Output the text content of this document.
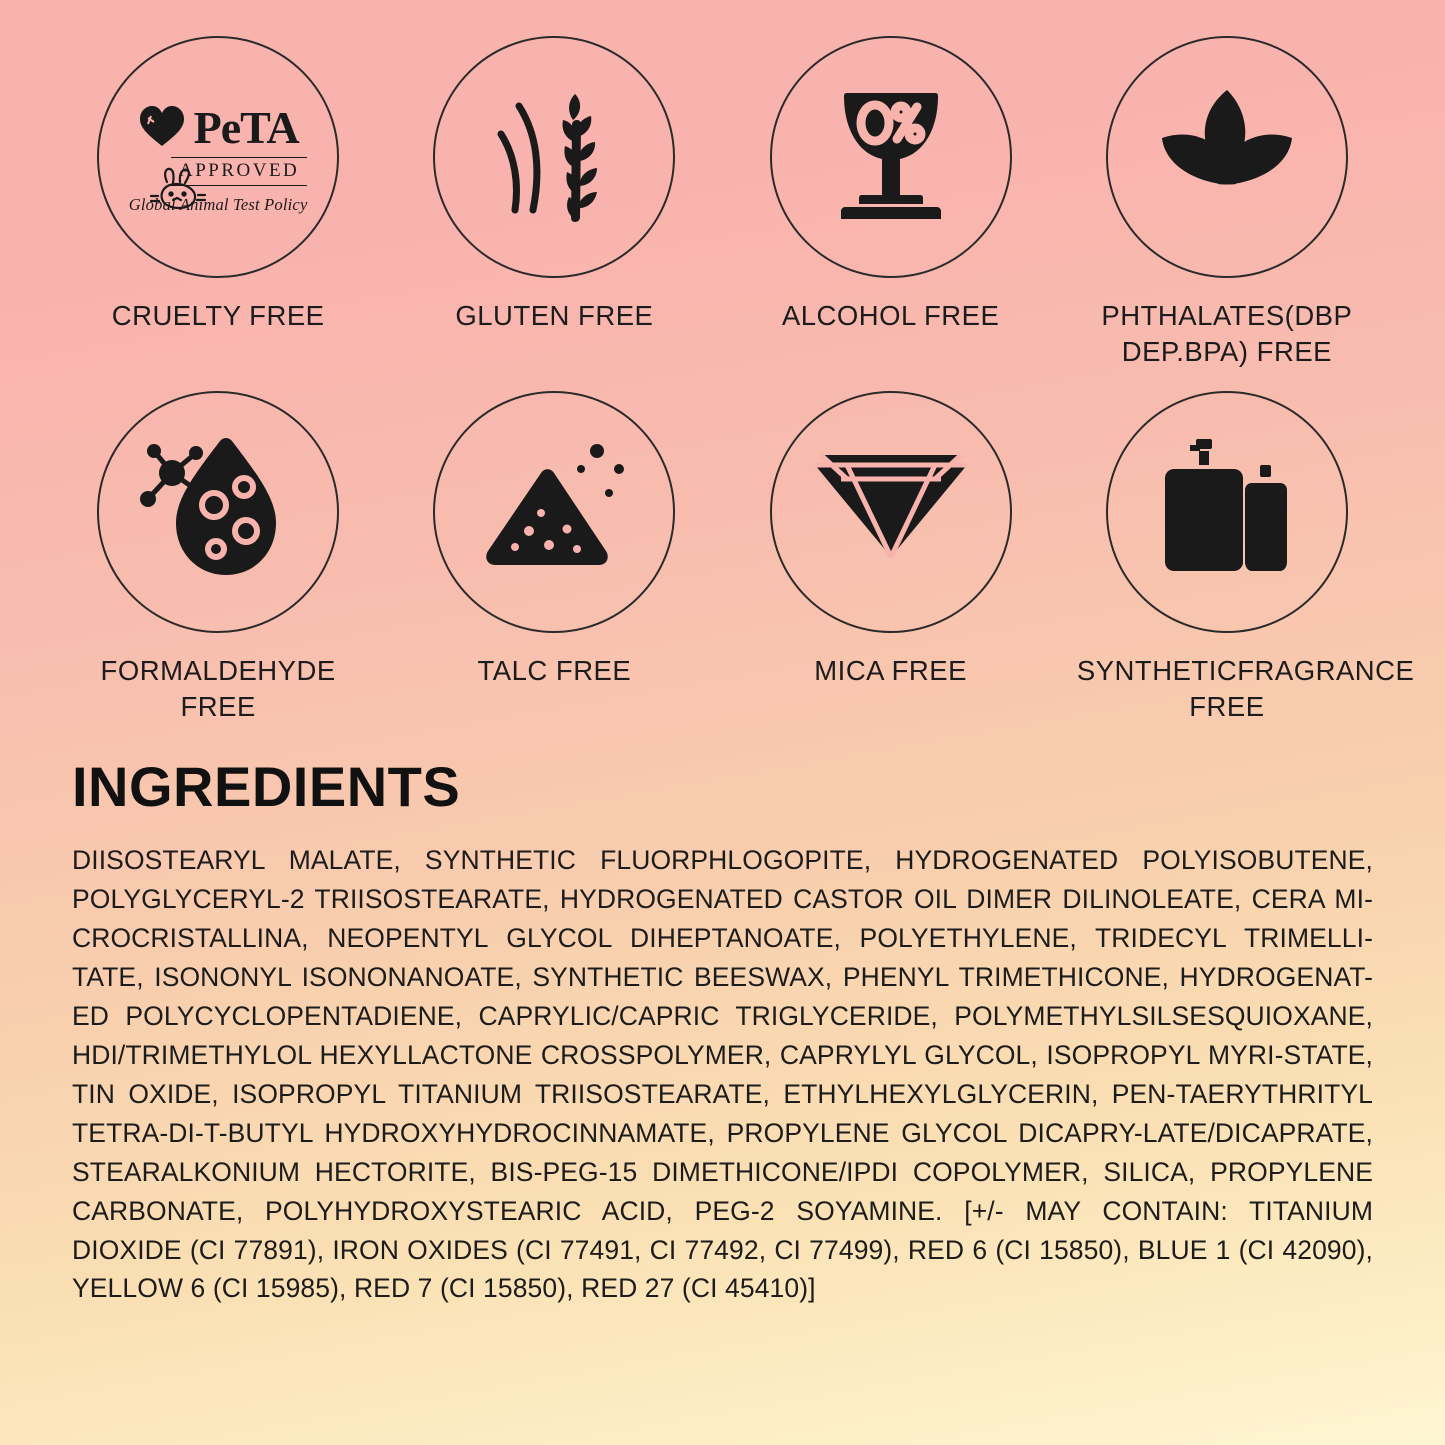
PeTA
APPROVED
Global Animal Test Policy
CRUELTY FREE	GLUTEN FREE	ALCOHOL FREE	PHTHALATES(DBP DEP.BPA) FREE
FORMALDEHYDE FREE
TALC FREE	MICA FREE	SYNTHETICFRAGRANCE FREE
INGREDIENTS
DIISOSTEARYL MALATE, SYNTHETIC FLUORPHLOGOPITE, HYDROGENATED POLYISOBUTENE, POLYGLYCERYL-2 TRIISOSTEARATE, HYDROGENATED CASTOR OIL DIMER DILINOLEATE, CERA MI-CROCRISTALLINA, NEOPENTYL GLYCOL DIHEPTANOATE, POLYETHYLENE, TRIDECYL TRIMELLI-TATE, ISONONYL ISONONANOATE, SYNTHETIC BEESWAX, PHENYL TRIMETHICONE, HYDROGENAT-ED POLYCYCLOPENTADIENE, CAPRYLIC/CAPRIC TRIGLYCERIDE, POLYMETHYLSILSESQUIOXANE, HDI/TRIMETHYLOL HEXYLLACTONE CROSSPOLYMER, CAPRYLYL GLYCOL, ISOPROPYL MYRI-STATE, TIN OXIDE, ISOPROPYL TITANIUM TRIISOSTEARATE, ETHYLHEXYLGLYCERIN, PEN-TAERYTHRITYL TETRA-DI-T-BUTYL HYDROXYHYDROCINNAMATE, PROPYLENE GLYCOL DICAPRY-LATE/DICAPRATE, STEARALKONIUM HECTORITE, BIS-PEG-15 DIMETHICONE/IPDI COPOLYMER, SILICA, PROPYLENE CARBONATE, POLYHYDROXYSTEARIC ACID, PEG-2 SOYAMINE. [+/- MAY CONTAIN: TITANIUM DIOXIDE (CI 77891), IRON OXIDES (CI 77491, CI 77492, CI 77499), RED 6 (CI 15850), BLUE 1 (CI 42090), YELLOW 6 (CI 15985), RED 7 (CI 15850), RED 27 (CI 45410)]
